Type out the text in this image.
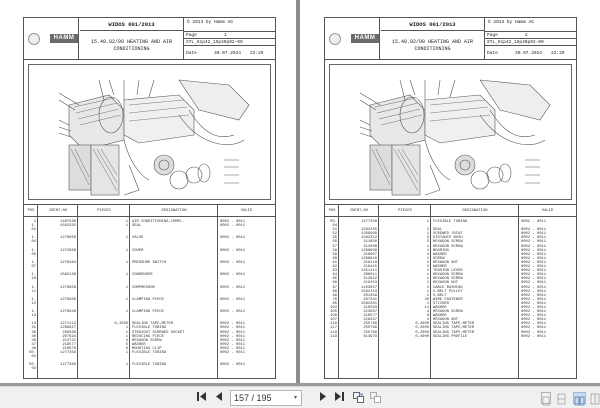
HAMM
WIDOS 001/2013
15.40.02/00 HEATING AND AIR CONDITIONING
© 2013 by Hamm AG
Page	1
STL_H1p42_15p40p02-00
Date	30.07.2024 22:29
POS	IDENT-NO	PIECES	DESIGNATION	VALID
1	1487560	1 AIR CONDITIONING,COMPL.	0002 - 0011
1.	1582255	1 SEAL	0002 - 0011
01
1.	1276859	1 VALVE	0002 - 0011
04
1.	1272958	1 COVER	0002 - 0011
05
1.	1278364	1 PRESSURE SWITCH	0002 - 0011
07
1.	1582139	1 CONDENSER	0002 - 0011
10
1.	1276858	1 COMPRESSOR	0002 - 0011
11
1.	1276956	1 CLAMPING PIECE	0002 - 0011
12
1.	1276948	1 CLAMPING PIECE	0002 - 0011
13
13	1271113	0,1500 SEALING TAPE,METER	0002 - 0011
31	1268627	1 FLEXIBLE TUBING	0002 - 0011
39	208369	1 STRAIGHT SCREWED SOCKET	0002 - 0011
40	207624	1 REDUCING PIECE	0002 - 0011
46	212721	4 HEXAGON SCREW	0002 - 0011
47	216577	5 WASHER	0002 - 0011
48	210978	6 MOUNTING CLIP	0002 - 0011
50.	1277359	1 FLEXIBLE TUBING	0002 - 0011
02
50.	1277360	1 FLEXIBLE TUBING	0002 - 0011
03
HAMM
WIDOS 001/2013
15.40.02/00 HEATING AND AIR CONDITIONING
© 2013 by Hamm AG
Page	2
STL_H1p42_15p40p02-00
Date	30.07.2024 22:29
POS	IDENT-NO	PIECES	DESIGNATION	VALID
50.	1277359	1 FLEXIBLE TUBING	0002 - 0011
04
51	1582255	1 SEAL	0002 - 0011
52	1269909	1 SCREWED JOINT	0002 - 0011
55	1582352	3 DISTANCE BUSH	0002 - 0011
56	211850	3 HEXAGON SCREW	0002 - 0011
57	212008	1 HEXAGON SCREW	0002 - 0011
58	1268609	1 BEARING	0002 - 0011
59	216607	4 WASHER	0002 - 0011
60	1268810	1 SCREW	0002 - 0011
61	216119	2 HEXAGON NUT	0002 - 0011
62	216415	2 WASHER	0002 - 0011
63	1451111	1 TENSION LEVER	0002 - 0011
64	288011	1 HEXAGON SCREW	0002 - 0011
65	212822	1 HEXAGON SCREW	0002 - 0011
66	216453	1 HEXAGON NUT	0002 - 0011
67	1103857	2 CABLE BUSHING	0002 - 0011
68	1582153	1 V-BELT PULLEY	0002 - 0011
69	201359	1 V-BELT	0002 - 0011
70	207341	40 WIRE FASTENER	0002 - 0011
85	1582301	1 STICKER	0002 - 0011
102	216583	14 WASHER	0002 - 0011
105	213667	4 HEXAGON SCREW	0002 - 0011
106	216577	8 WASHER	0002 - 0011
107	216437	4 HEXAGON NUT	0002 - 0011
116	255769	0,4000 SEALING TAPE,METER	0002 - 0011
117	255769	0,2000 SEALING TAPE,METER	0002 - 0011
118	255769	0,2000 SEALING TAPE,METER	0002 - 0011
119	614979	0,4000 SEALING PROFILE	0002 - 0011
157 / 195	▾
